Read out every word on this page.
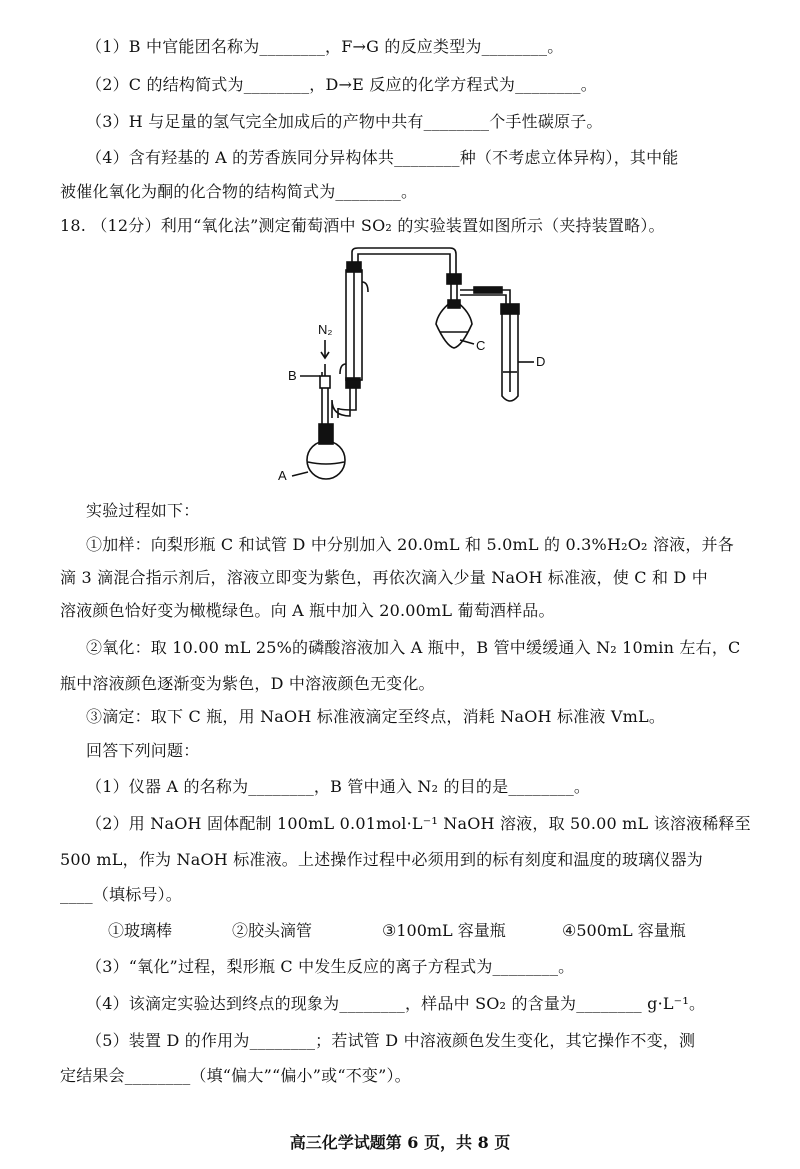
（1）B 中官能团名称为________，F→G 的反应类型为________。
（2）C 的结构简式为________，D→E 反应的化学方程式为________。
（3）H 与足量的氢气完全加成后的产物中共有________个手性碳原子。
（4）含有羟基的 A 的芳香族同分异构体共________种（不考虑立体异构），其中能
被催化氧化为酮的化合物的结构简式为________。
18. （12分）利用“氧化法”测定葡萄酒中 SO₂ 的实验装置如图所示（夹持装置略）。
N₂
B
A
C
D
实验过程如下：
①加样：向梨形瓶 C 和试管 D 中分别加入 20.0mL 和 5.0mL 的 0.3%H₂O₂ 溶液，并各
滴 3 滴混合指示剂后，溶液立即变为紫色，再依次滴入少量 NaOH 标准液，使 C 和 D 中
溶液颜色恰好变为橄榄绿色。向 A 瓶中加入 20.00mL 葡萄酒样品。
②氧化：取 10.00 mL 25%的磷酸溶液加入 A 瓶中，B 管中缓缓通入 N₂ 10min 左右，C
瓶中溶液颜色逐渐变为紫色，D 中溶液颜色无变化。
③滴定：取下 C 瓶，用 NaOH 标准液滴定至终点，消耗 NaOH 标准液 VmL。
回答下列问题：
（1）仪器 A 的名称为________，B 管中通入 N₂ 的目的是________。
（2）用 NaOH 固体配制 100mL 0.01mol·L⁻¹ NaOH 溶液，取 50.00 mL 该溶液稀释至
500 mL，作为 NaOH 标准液。上述操作过程中必须用到的标有刻度和温度的玻璃仪器为
____（填标号）。
①玻璃棒	②胶头滴管	③100mL 容量瓶	④500mL 容量瓶
（3）“氧化”过程，梨形瓶 C 中发生反应的离子方程式为________。
（4）该滴定实验达到终点的现象为________，样品中 SO₂ 的含量为________ g·L⁻¹。
（5）装置 D 的作用为________；若试管 D 中溶液颜色发生变化，其它操作不变，测
定结果会________（填“偏大”“偏小”或“不变”）。
高三化学试题第 6 页，共 8 页
